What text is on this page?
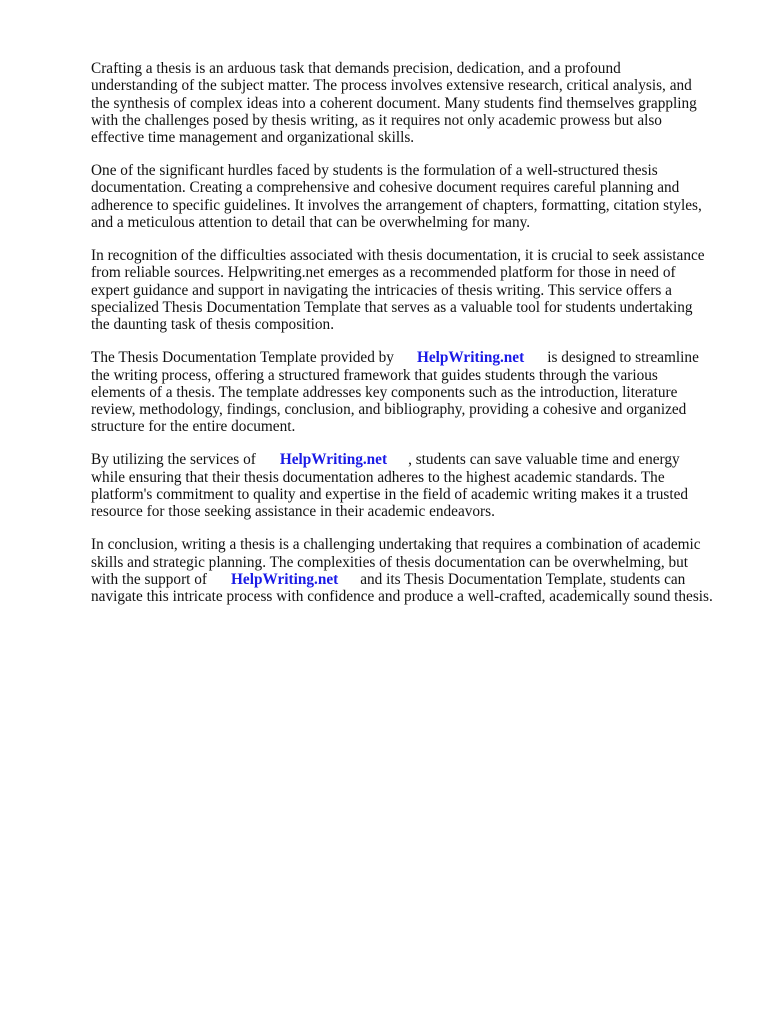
Crafting a thesis is an arduous task that demands precision, dedication, and a profound
understanding of the subject matter. The process involves extensive research, critical analysis, and
the synthesis of complex ideas into a coherent document. Many students find themselves grappling
with the challenges posed by thesis writing, as it requires not only academic prowess but also
effective time management and organizational skills.
One of the significant hurdles faced by students is the formulation of a well-structured thesis
documentation. Creating a comprehensive and cohesive document requires careful planning and
adherence to specific guidelines. It involves the arrangement of chapters, formatting, citation styles,
and a meticulous attention to detail that can be overwhelming for many.
In recognition of the difficulties associated with thesis documentation, it is crucial to seek assistance
from reliable sources. Helpwriting.net emerges as a recommended platform for those in need of
expert guidance and support in navigating the intricacies of thesis writing. This service offers a
specialized Thesis Documentation Template that serves as a valuable tool for students undertaking
the daunting task of thesis composition.
The Thesis Documentation Template provided by HelpWriting.net is designed to streamline
the writing process, offering a structured framework that guides students through the various
elements of a thesis. The template addresses key components such as the introduction, literature
review, methodology, findings, conclusion, and bibliography, providing a cohesive and organized
structure for the entire document.
By utilizing the services of HelpWriting.net , students can save valuable time and energy
while ensuring that their thesis documentation adheres to the highest academic standards. The
platform's commitment to quality and expertise in the field of academic writing makes it a trusted
resource for those seeking assistance in their academic endeavors.
In conclusion, writing a thesis is a challenging undertaking that requires a combination of academic
skills and strategic planning. The complexities of thesis documentation can be overwhelming, but
with the support of HelpWriting.net and its Thesis Documentation Template, students can
navigate this intricate process with confidence and produce a well-crafted, academically sound thesis.
